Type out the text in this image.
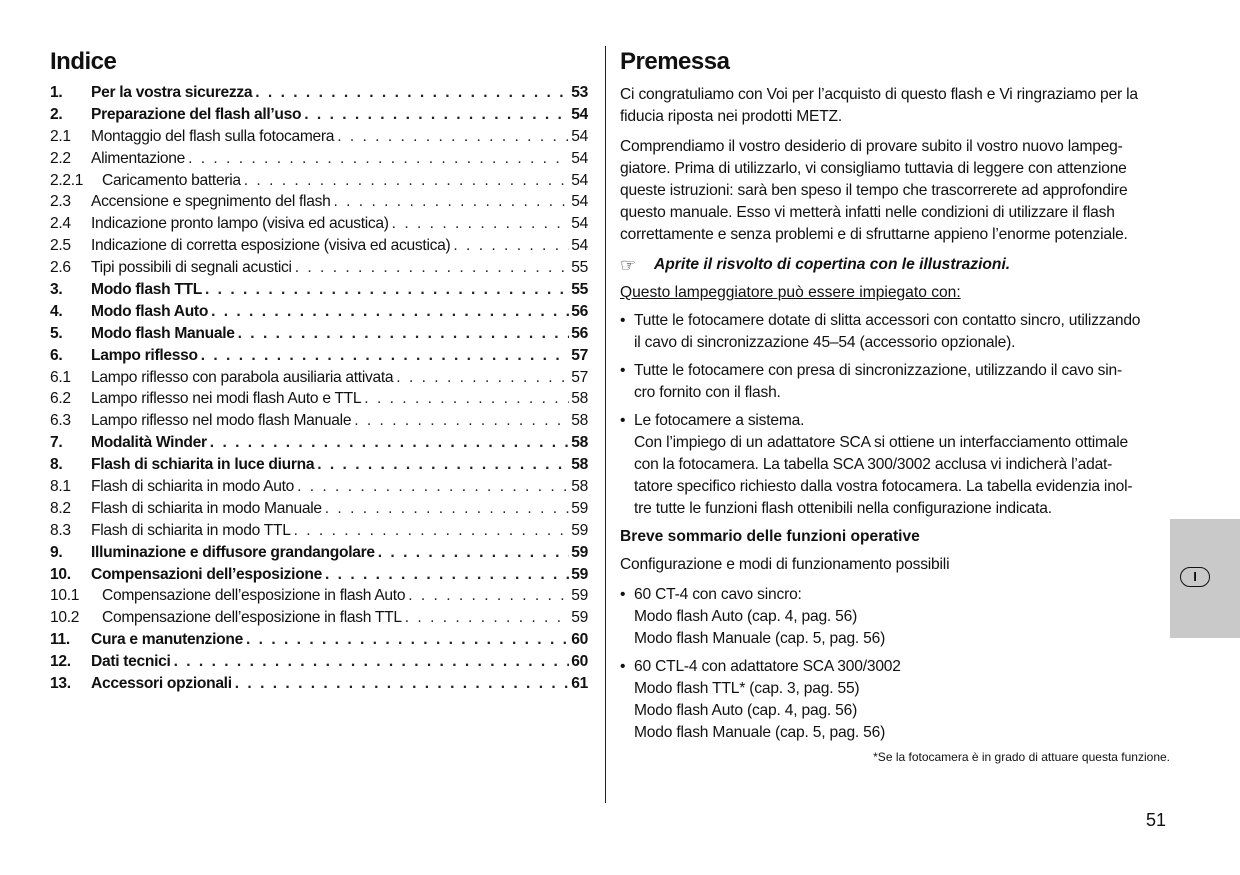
Indice
1.	Per la vostra sicurezza . . .	53
2.	Preparazione del flash all’uso . . .	54
2.1	Montaggio del flash sulla fotocamera . . .	54
2.2	Alimentazione . . .	54
2.2.1	Caricamento batteria . . .	54
2.3	Accensione e spegnimento del flash . . .	54
2.4	Indicazione pronto lampo (visiva ed acustica) . . .	54
2.5	Indicazione di corretta esposizione (visiva ed acustica) . . .	54
2.6	Tipi possibili di segnali acustici . . .	55
3.	Modo flash TTL . . .	55
4.	Modo flash Auto . . .	56
5.	Modo flash Manuale . . .	56
6.	Lampo riflesso . . .	57
6.1	Lampo riflesso con parabola ausiliaria attivata . . .	57
6.2	Lampo riflesso nei modi flash Auto e TTL . . .	58
6.3	Lampo riflesso nel modo flash Manuale . . .	58
7.	Modalità Winder . . .	58
8.	Flash di schiarita in luce diurna . . .	58
8.1	Flash di schiarita in modo Auto . . .	58
8.2	Flash di schiarita in modo Manuale . . .	59
8.3	Flash di schiarita in modo TTL . . .	59
9.	Illuminazione e diffusore grandangolare . . .	59
10.	Compensazioni dell’esposizione . . .	59
10.1	Compensazione dell’esposizione in flash Auto . . .	59
10.2	Compensazione dell’esposizione in flash TTL . . .	59
11.	Cura e manutenzione . . .	60
12.	Dati tecnici . . .	60
13.	Accessori opzionali . . .	61
Premessa

Ci congratuliamo con Voi per l’acquisto di questo flash e Vi ringraziamo per la fiducia riposta nei prodotti METZ.

Comprendiamo il vostro desiderio di provare subito il vostro nuovo lampeg-giatore. Prima di utilizzarlo, vi consigliamo tuttavia di leggere con attenzione queste istruzioni: sarà ben speso il tempo che trascorrerete ad approfondire questo manuale. Esso vi metterà infatti nelle condizioni di utilizzare il flash correttamente e senza problemi e di sfruttarne appieno l’enorme potenziale.

☞	Aprite il risvolto di copertina con le illustrazioni.
Questo lampeggiatore può essere impiegato con:
• Tutte le fotocamere dotate di slitta accessori con contatto sincro, utilizzando
il cavo di sincronizzazione 45–54 (accessorio opzionale).
• Tutte le fotocamere con presa di sincronizzazione, utilizzando il cavo sin-
cro fornito con il flash.
• Le fotocamere a sistema.
Con l’impiego di un adattatore SCA si ottiene un interfacciamento ottimale
con la fotocamera. La tabella SCA 300/3002 acclusa vi indicherà l’adat-
tatore specifico richiesto dalla vostra fotocamera. La tabella evidenzia inol-
tre tutte le funzioni flash ottenibili nella configurazione indicata.
Breve sommario delle funzioni operative

Configurazione e modi di funzionamento possibili

• 60 CT-4 con cavo sincro:
Modo flash Auto (cap. 4, pag. 56)
Modo flash Manuale (cap. 5, pag. 56)
• 60 CTL-4 con adattatore SCA 300/3002
Modo flash TTL* (cap. 3, pag. 55)
Modo flash Auto (cap. 4, pag. 56)
Modo flash Manuale (cap. 5, pag. 56)
*Se la fotocamera è in grado di attuare questa funzione.
I
51
